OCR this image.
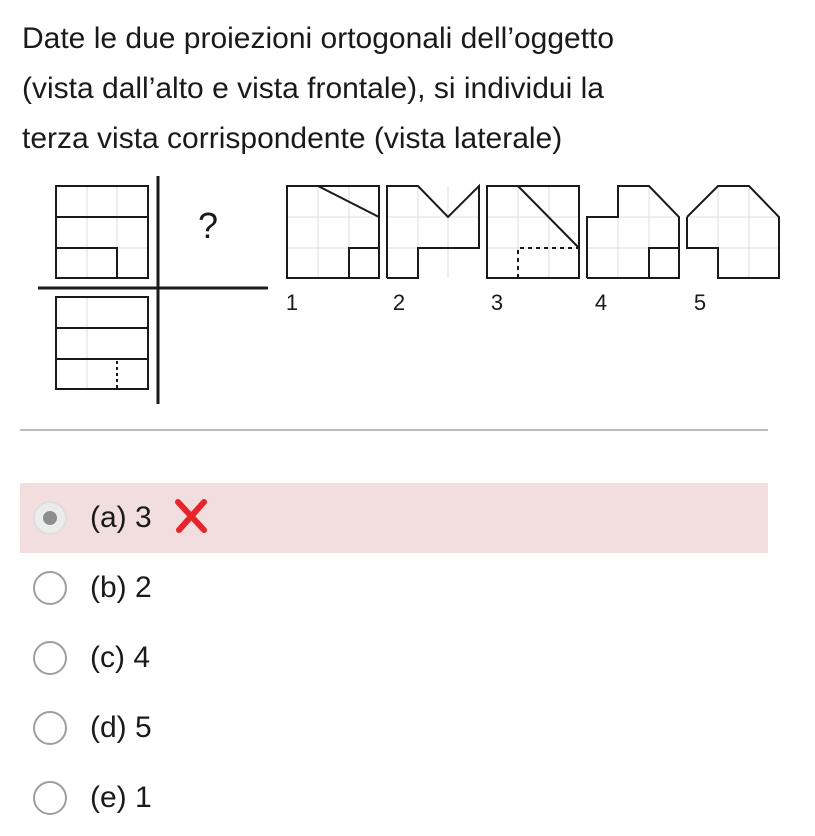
Date le due proiezioni ortogonali dell’oggetto
(vista dall’alto e vista frontale), si individui la
terza vista corrispondente (vista laterale)
?
1	2	3	4	5
(a) 3
(b) 2
(c) 4
(d) 5
(e) 1
